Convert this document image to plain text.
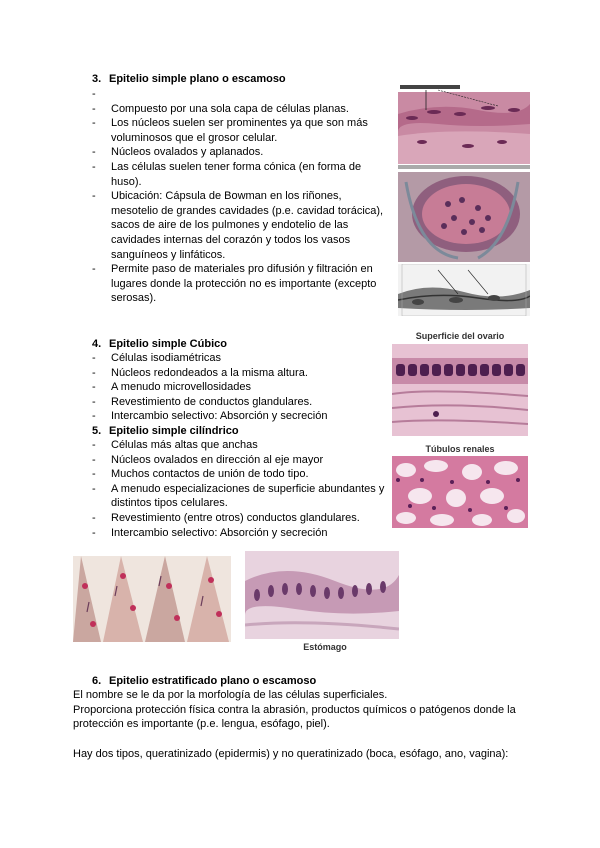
3. Epitelio simple plano o escamoso
-
- Compuesto por una sola capa de células planas.
- Los núcleos suelen ser prominentes ya que son más voluminosos que el grosor celular.
- Núcleos ovalados y aplanados.
- Las células suelen tener forma cónica (en forma de huso).
- Ubicación: Cápsula de Bowman en los riñones, mesotelio de grandes cavidades (p.e. cavidad torácica), sacos de aire de los pulmones y endotelio de las cavidades internas del corazón y todos los vasos sanguíneos y linfáticos.
- Permite paso de materiales pro difusión y filtración en lugares donde la protección no es importante (excepto serosas).
4. Epitelio simple Cúbico
- Células isodiamétricas
- Núcleos redondeados a la misma altura.
- A menudo microvellosidades
- Revestimiento de conductos glandulares.
- Intercambio selectivo: Absorción y secreción
5. Epitelio simple cilíndrico
- Células más altas que anchas
- Núcleos ovalados en dirección al eje mayor
- Muchos contactos de unión de todo tipo.
- A menudo especializaciones de superficie abundantes y distintos tipos celulares.
- Revestimiento (entre otros) conductos glandulares.
- Intercambio selectivo: Absorción y secreción
Superficie del ovario
Túbulos renales
Estómago
6. Epitelio estratificado plano o escamoso

El nombre se le da por la morfología de las células superficiales.

Proporciona protección física contra la abrasión, productos químicos o patógenos donde la protección es importante (p.e. lengua, esófago, piel).

Hay dos tipos, queratinizado (epidermis) y no queratinizado (boca, esófago, ano, vagina):
